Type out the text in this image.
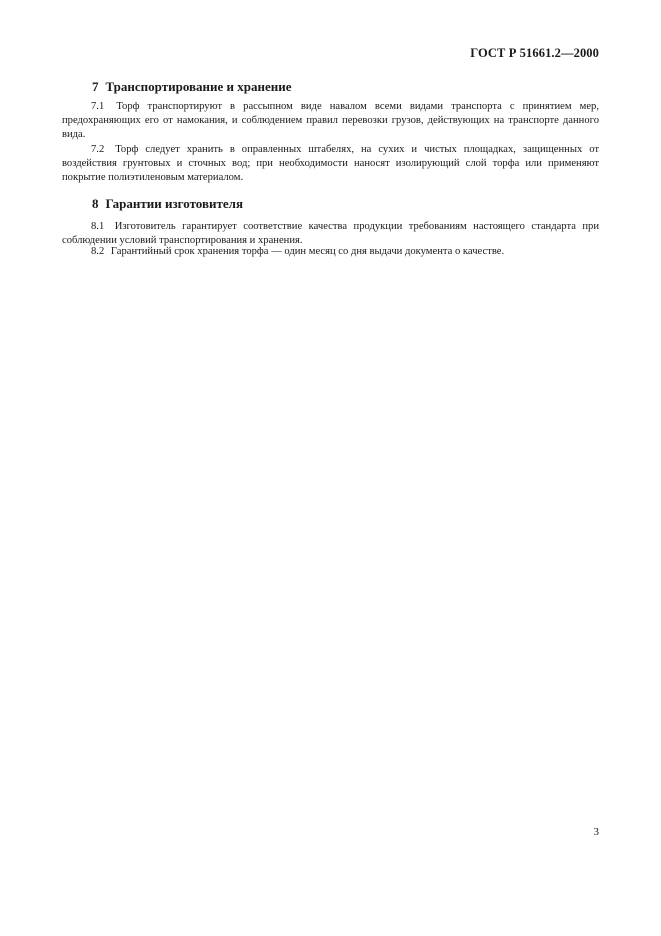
ГОСТ Р 51661.2—2000
7 Транспортирование и хранение

7.1 Торф транспортируют в рассыпном виде навалом всеми видами транспорта с принятием мер, предохраняющих его от намокания, и соблюдением правил перевозки грузов, действующих на транспорте данного вида.

7.2 Торф следует хранить в оправленных штабелях, на сухих и чистых площадках, защищенных от воздействия грунтовых и сточных вод; при необходимости наносят изолирующий слой торфа или применяют покрытие полиэтиленовым материалом.

8 Гарантии изготовителя

8.1 Изготовитель гарантирует соответствие качества продукции требованиям настоящего стандарта при соблюдении условий транспортирования и хранения.

8.2 Гарантийный срок хранения торфа — один месяц со дня выдачи документа о качестве.

3
